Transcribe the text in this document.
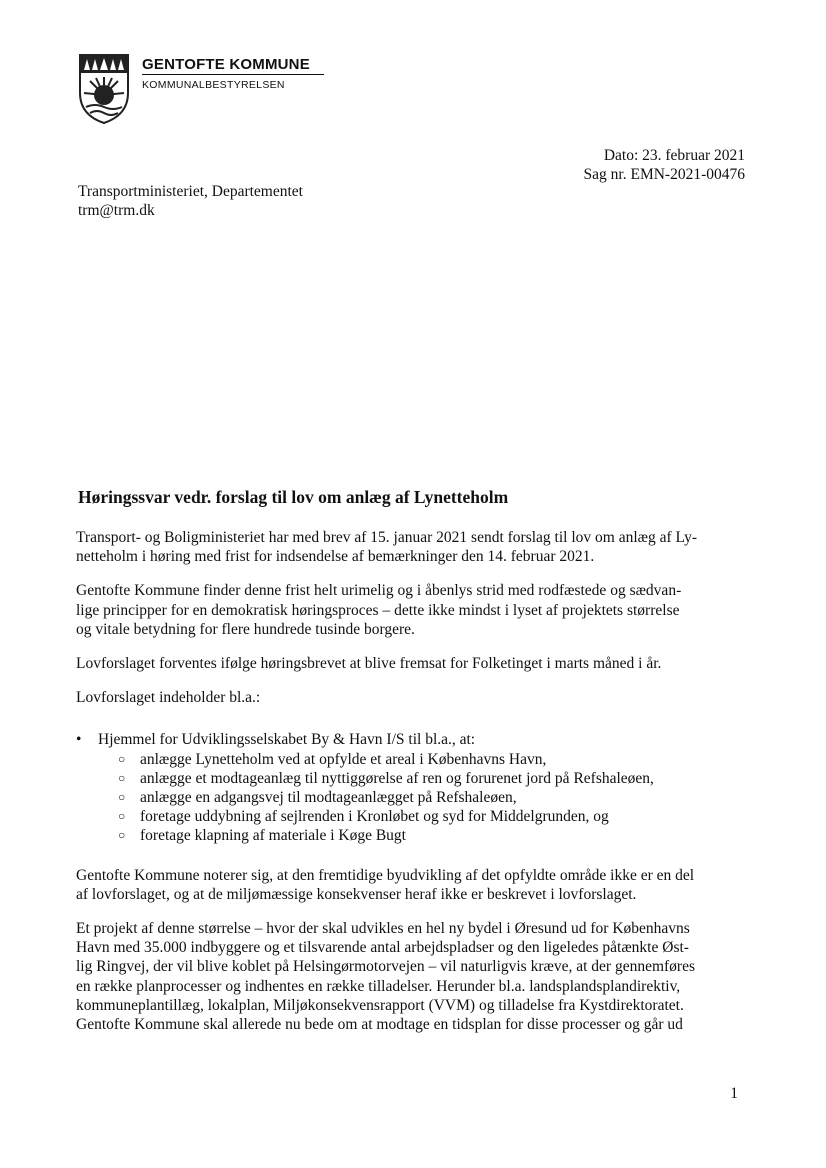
GENTOFTE KOMMUNE
KOMMUNALBESTYRELSEN
Dato: 23. februar 2021
Sag nr. EMN-2021-00476
Transportministeriet, Departementet
trm@trm.dk
Høringssvar vedr. forslag til lov om anlæg af Lynetteholm

Transport- og Boligministeriet har med brev af 15. januar 2021 sendt forslag til lov om anlæg af Ly-
netteholm i høring med frist for indsendelse af bemærkninger den 14. februar 2021.

Gentofte Kommune finder denne frist helt urimelig og i åbenlys strid med rodfæstede og sædvan-
lige principper for en demokratisk høringsproces – dette ikke mindst i lyset af projektets størrelse
og vitale betydning for flere hundrede tusinde borgere.

Lovforslaget forventes ifølge høringsbrevet at blive fremsat for Folketinget i marts måned i år.

Lovforslaget indeholder bl.a.:

• Hjemmel for Udviklingsselskabet By & Havn I/S til bl.a., at:
○ anlægge Lynetteholm ved at opfylde et areal i Københavns Havn,
○ anlægge et modtageanlæg til nyttiggørelse af ren og forurenet jord på Refshaleøen,
○ anlægge en adgangsvej til modtageanlægget på Refshaleøen,
○ foretage uddybning af sejlrenden i Kronløbet og syd for Middelgrunden, og
○ foretage klapning af materiale i Køge Bugt

Gentofte Kommune noterer sig, at den fremtidige byudvikling af det opfyldte område ikke er en del
af lovforslaget, og at de miljømæssige konsekvenser heraf ikke er beskrevet i lovforslaget.

Et projekt af denne størrelse – hvor der skal udvikles en hel ny bydel i Øresund ud for Københavns
Havn med 35.000 indbyggere og et tilsvarende antal arbejdspladser og den ligeledes påtænkte Øst-
lig Ringvej, der vil blive koblet på Helsingørmotorvejen – vil naturligvis kræve, at der gennemføres
en række planprocesser og indhentes en række tilladelser. Herunder bl.a. landsplandsplandirektiv,
kommuneplantillæg, lokalplan, Miljøkonsekvensrapport (VVM) og tilladelse fra Kystdirektoratet.
Gentofte Kommune skal allerede nu bede om at modtage en tidsplan for disse processer og går ud

1
